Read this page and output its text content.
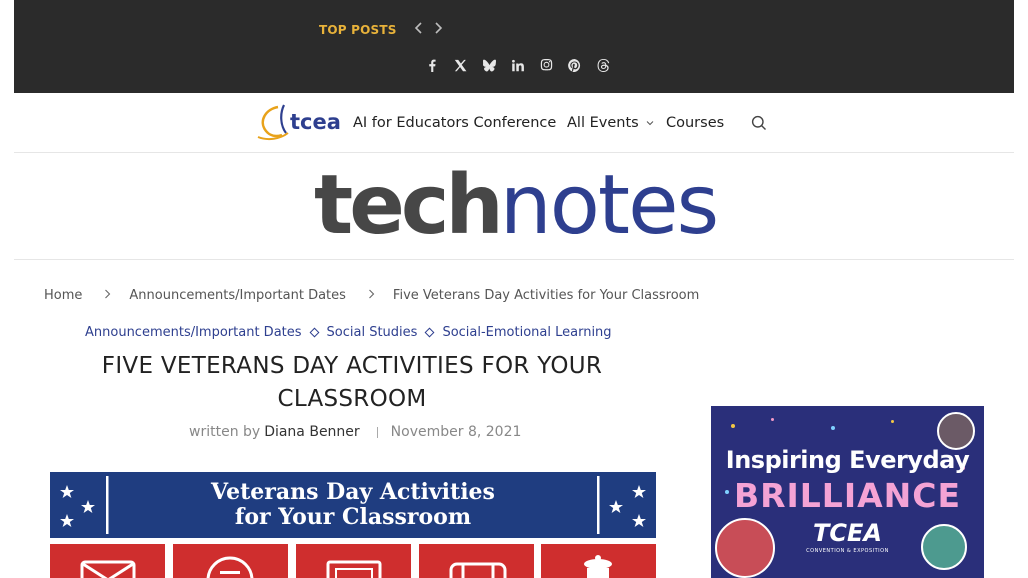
TOP POSTS
tcea AI for Educators Conference All Events	Courses
technotes
Home	Announcements/Important Dates	Five Veterans Day Activities for Your Classroom
Announcements/Important Dates Social Studies Social-Emotional Learning
FIVE VETERANS DAY ACTIVITIES FOR YOUR
CLASSROOM
written by Diana Benner November 8, 2021
Veterans Day Activities
for Your Classroom
Inspiring Everyday
BRILLIANCE
TCEA
CONVENTION & EXPOSITION
